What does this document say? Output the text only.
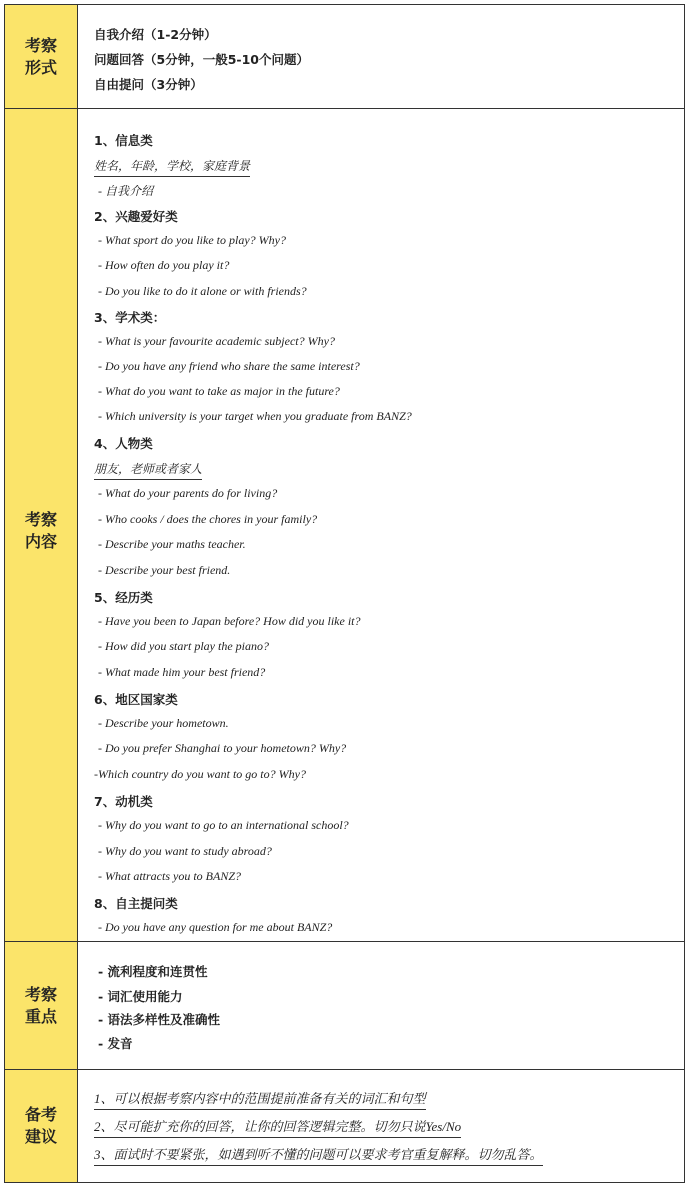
考察
形式
自我介绍（1-2分钟）
问题回答（5分钟，一般5-10个问题）
自由提问（3分钟）
考察
内容
1、信息类
姓名，年龄，学校，家庭背景
- 自我介绍
2、兴趣爱好类
- What sport do you like to play? Why?
- How often do you play it?
- Do you like to do it alone or with friends?
3、学术类：
- What is your favourite academic subject? Why?
- Do you have any friend who share the same interest?
- What do you want to take as major in the future?
- Which university is your target when you graduate from BANZ?
4、人物类
朋友，老师或者家人
- What do your parents do for living?
- Who cooks / does the chores in your family?
- Describe your maths teacher.
- Describe your best friend.
5、经历类
- Have you been to Japan before? How did you like it?
- How did you start play the piano?
- What made him your best friend?
6、地区国家类
- Describe your hometown.
- Do you prefer Shanghai to your hometown? Why?
-Which country do you want to go to? Why?
7、动机类
- Why do you want to go to an international school?
- Why do you want to study abroad?
- What attracts you to BANZ?
8、自主提问类
- Do you have any question for me about BANZ?
考察
重点
- 流利程度和连贯性
- 词汇使用能力
- 语法多样性及准确性
- 发音
备考
建议
1、可以根据考察内容中的范围提前准备有关的词汇和句型
2、尽可能扩充你的回答，让你的回答逻辑完整。切勿只说Yes/No
3、面试时不要紧张，如遇到听不懂的问题可以要求考官重复解释。切勿乱答。
